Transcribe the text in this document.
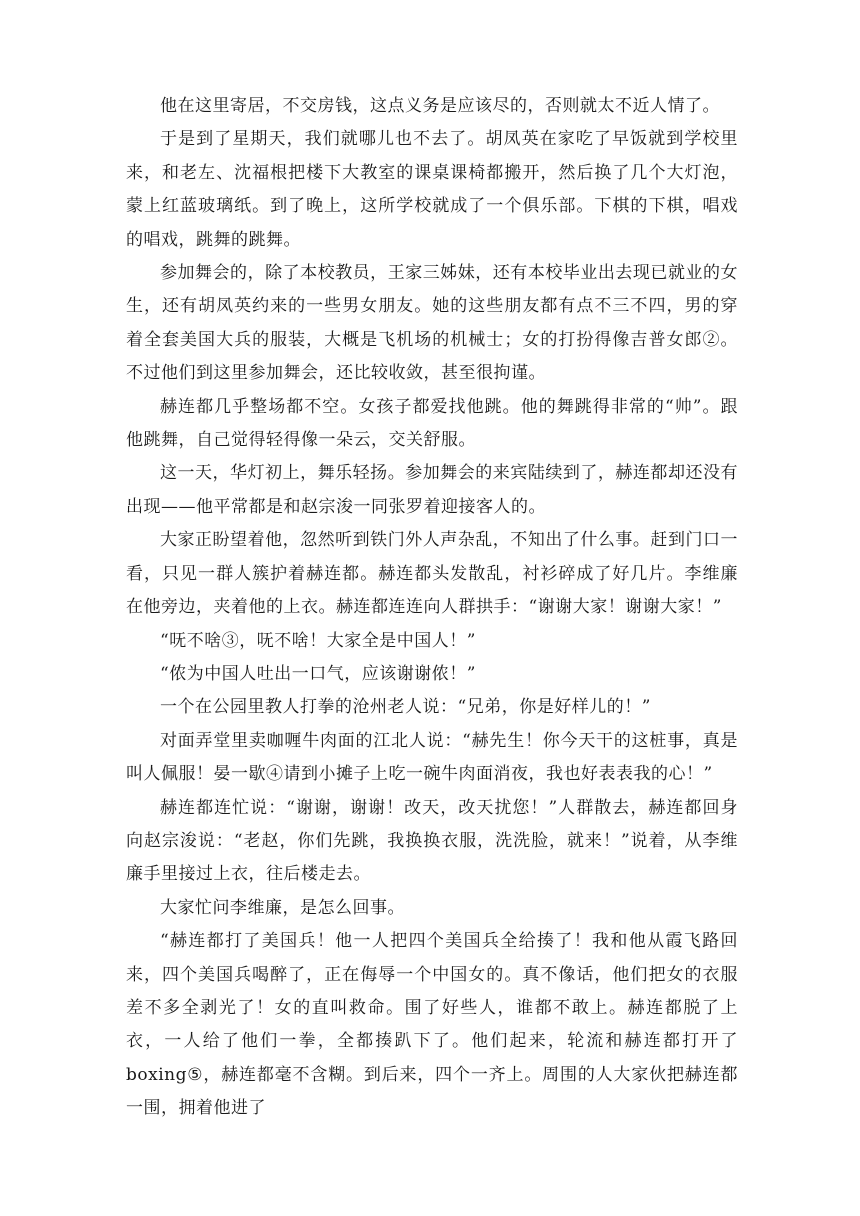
他在这里寄居，不交房钱，这点义务是应该尽的，否则就太不近人情了。

于是到了星期天，我们就哪儿也不去了。胡凤英在家吃了早饭就到学校里来，和老左、沈福根把楼下大教室的课桌课椅都搬开，然后换了几个大灯泡，蒙上红蓝玻璃纸。到了晚上，这所学校就成了一个俱乐部。下棋的下棋，唱戏的唱戏，跳舞的跳舞。

参加舞会的，除了本校教员，王家三姊妹，还有本校毕业出去现已就业的女生，还有胡凤英约来的一些男女朋友。她的这些朋友都有点不三不四，男的穿着全套美国大兵的服装，大概是飞机场的机械士；女的打扮得像吉普女郎②。不过他们到这里参加舞会，还比较收敛，甚至很拘谨。

赫连都几乎整场都不空。女孩子都爱找他跳。他的舞跳得非常的“帅”。跟他跳舞，自己觉得轻得像一朵云，交关舒服。

这一天，华灯初上，舞乐轻扬。参加舞会的来宾陆续到了，赫连都却还没有出现——他平常都是和赵宗浚一同张罗着迎接客人的。

大家正盼望着他，忽然听到铁门外人声杂乱，不知出了什么事。赶到门口一看，只见一群人簇护着赫连都。赫连都头发散乱，衬衫碎成了好几片。李维廉在他旁边，夹着他的上衣。赫连都连连向人群拱手：“谢谢大家！谢谢大家！”

“呒不啥③，呒不啥！大家全是中国人！”

“侬为中国人吐出一口气，应该谢谢侬！”

一个在公园里教人打拳的沧州老人说：“兄弟，你是好样儿的！”

对面弄堂里卖咖喱牛肉面的江北人说：“赫先生！你今天干的这桩事，真是叫人佩服！晏一歇④请到小摊子上吃一碗牛肉面消夜，我也好表表我的心！”

赫连都连忙说：“谢谢，谢谢！改天，改天扰您！”人群散去，赫连都回身向赵宗浚说：“老赵，你们先跳，我换换衣服，洗洗脸，就来！”说着，从李维廉手里接过上衣，往后楼走去。

大家忙问李维廉，是怎么回事。

“赫连都打了美国兵！他一人把四个美国兵全给揍了！我和他从霞飞路回来，四个美国兵喝醉了，正在侮辱一个中国女的。真不像话，他们把女的衣服差不多全剥光了！女的直叫救命。围了好些人，谁都不敢上。赫连都脱了上衣，一人给了他们一拳，全都揍趴下了。他们起来，轮流和赫连都打开了boxing⑤，赫连都毫不含糊。到后来，四个一齐上。周围的人大家伙把赫连都一围，拥着他进了
